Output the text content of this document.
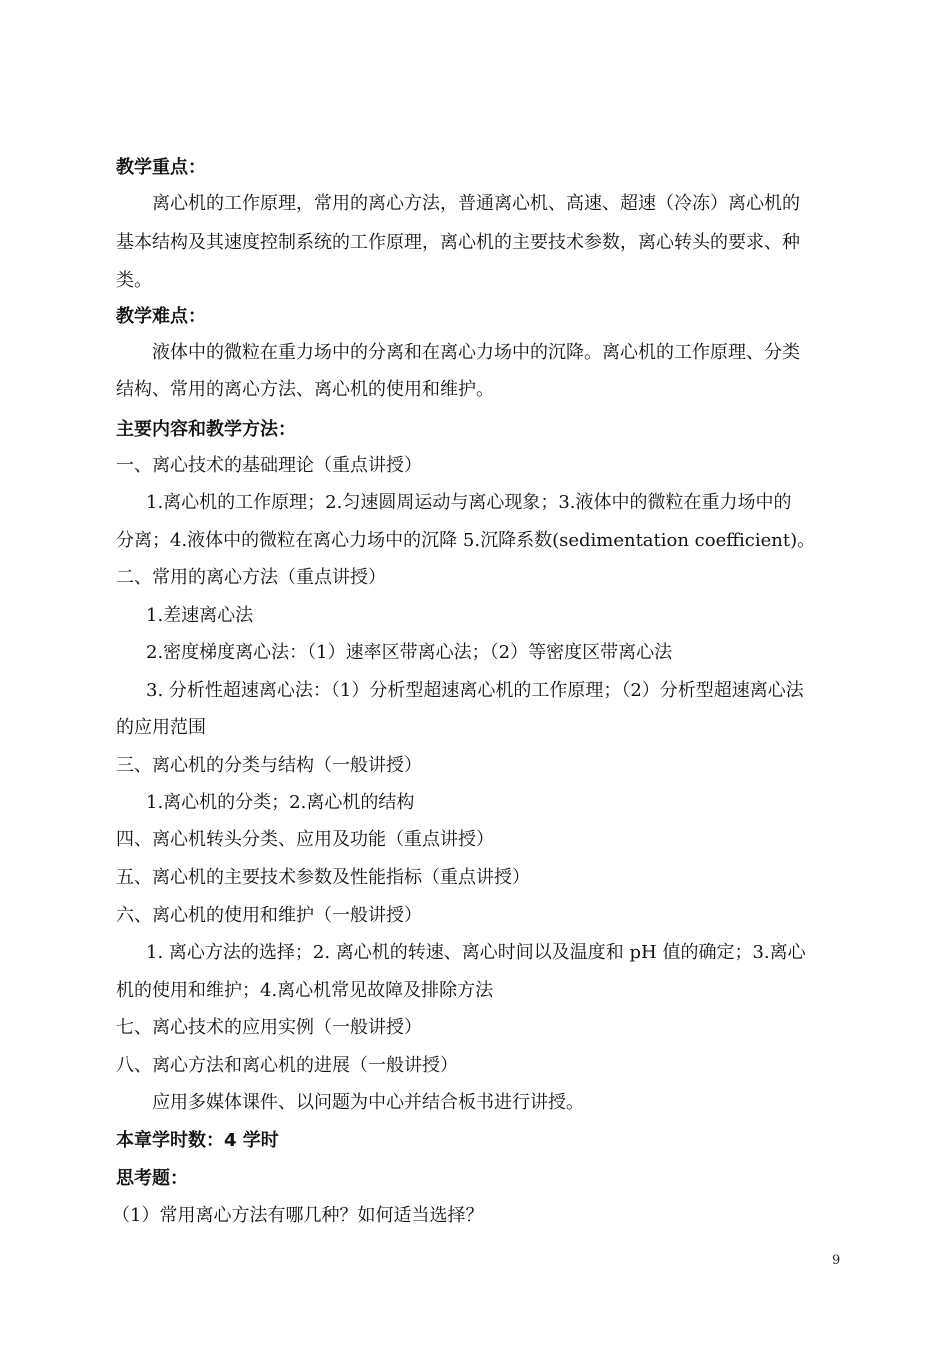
教学重点：
离心机的工作原理，常用的离心方法，普通离心机、高速、超速（冷冻）离心机的
基本结构及其速度控制系统的工作原理，离心机的主要技术参数，离心转头的要求、种
类。
教学难点：
液体中的微粒在重力场中的分离和在离心力场中的沉降。离心机的工作原理、分类
结构、常用的离心方法、离心机的使用和维护。
主要内容和教学方法：
一、离心技术的基础理论（重点讲授）
1.离心机的工作原理；2.匀速圆周运动与离心现象；3.液体中的微粒在重力场中的
分离；4.液体中的微粒在离心力场中的沉降 5.沉降系数(sedimentation coefficient)。
二、常用的离心方法（重点讲授）
1.差速离心法
2.密度梯度离心法：（1）速率区带离心法；（2）等密度区带离心法
3. 分析性超速离心法：（1）分析型超速离心机的工作原理；（2）分析型超速离心法
的应用范围
三、离心机的分类与结构（一般讲授）
1.离心机的分类；2.离心机的结构
四、离心机转头分类、应用及功能（重点讲授）
五、离心机的主要技术参数及性能指标（重点讲授）
六、离心机的使用和维护（一般讲授）
1. 离心方法的选择；2. 离心机的转速、离心时间以及温度和 pH 值的确定；3.离心
机的使用和维护；4.离心机常见故障及排除方法
七、离心技术的应用实例（一般讲授）
八、离心方法和离心机的进展（一般讲授）
应用多媒体课件、以问题为中心并结合板书进行讲授。
本章学时数：4 学时
思考题：
（1）常用离心方法有哪几种？如何适当选择？
9
